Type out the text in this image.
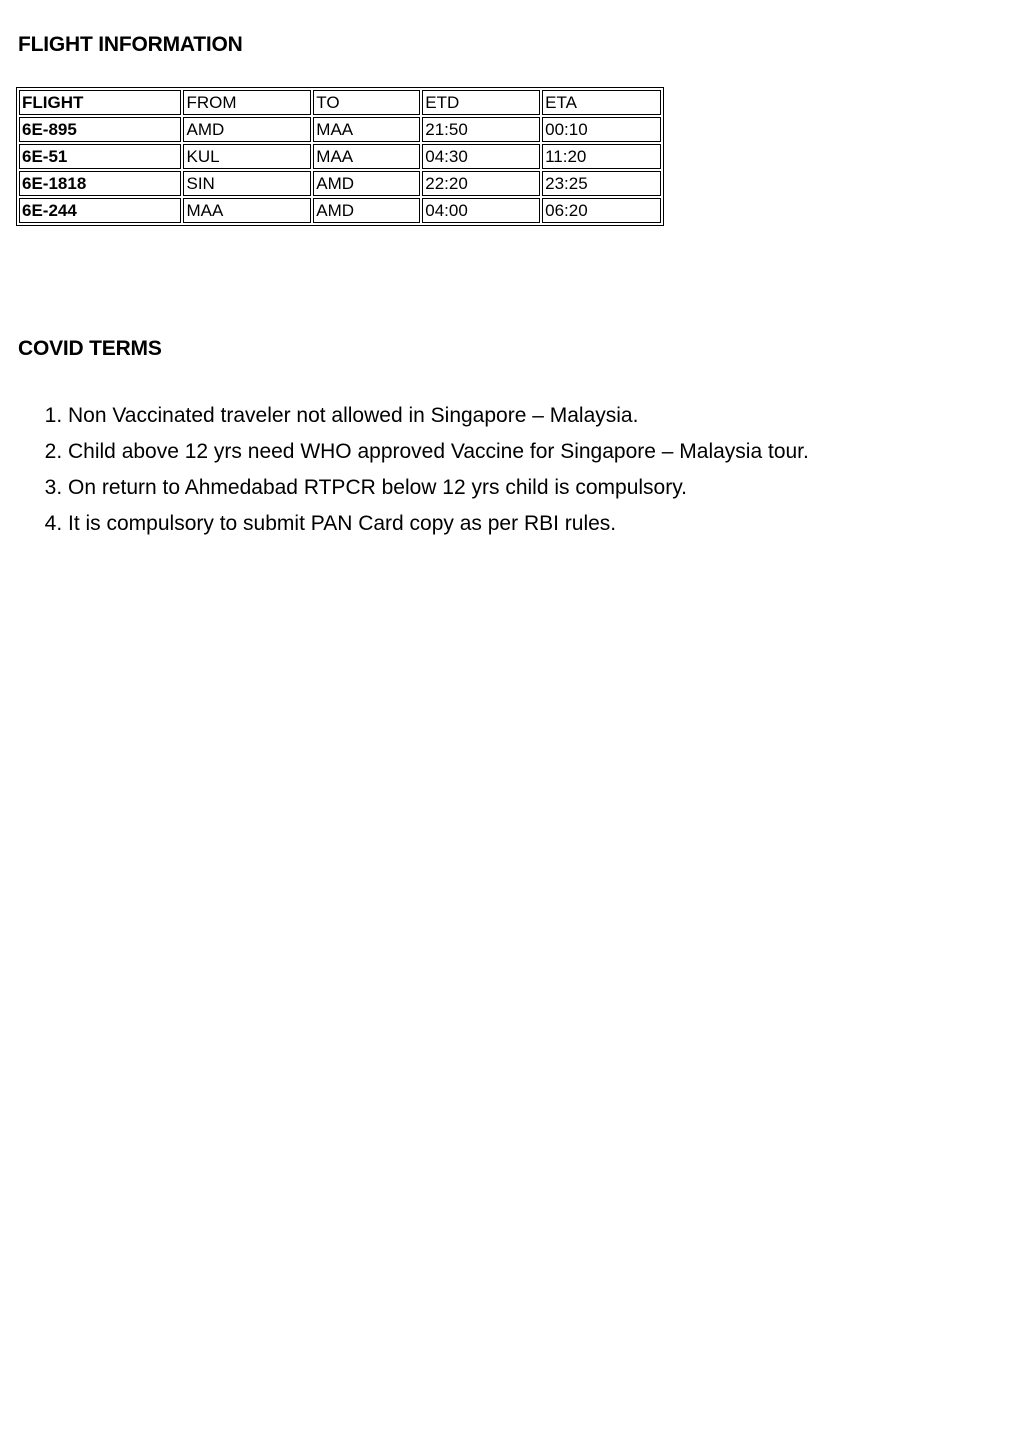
FLIGHT INFORMATION
FLIGHT	FROM	TO	ETD	ETA
6E-895	AMD	MAA	21:50	00:10
6E-51	KUL	MAA	04:30	11:20
6E-1818	SIN	AMD	22:20	23:25
6E-244	MAA	AMD	04:00	06:20
COVID TERMS
1. Non Vaccinated traveler not allowed in Singapore – Malaysia.
2. Child above 12 yrs need WHO approved Vaccine for Singapore – Malaysia tour.
3. On return to Ahmedabad RTPCR below 12 yrs child is compulsory.
4. It is compulsory to submit PAN Card copy as per RBI rules.
